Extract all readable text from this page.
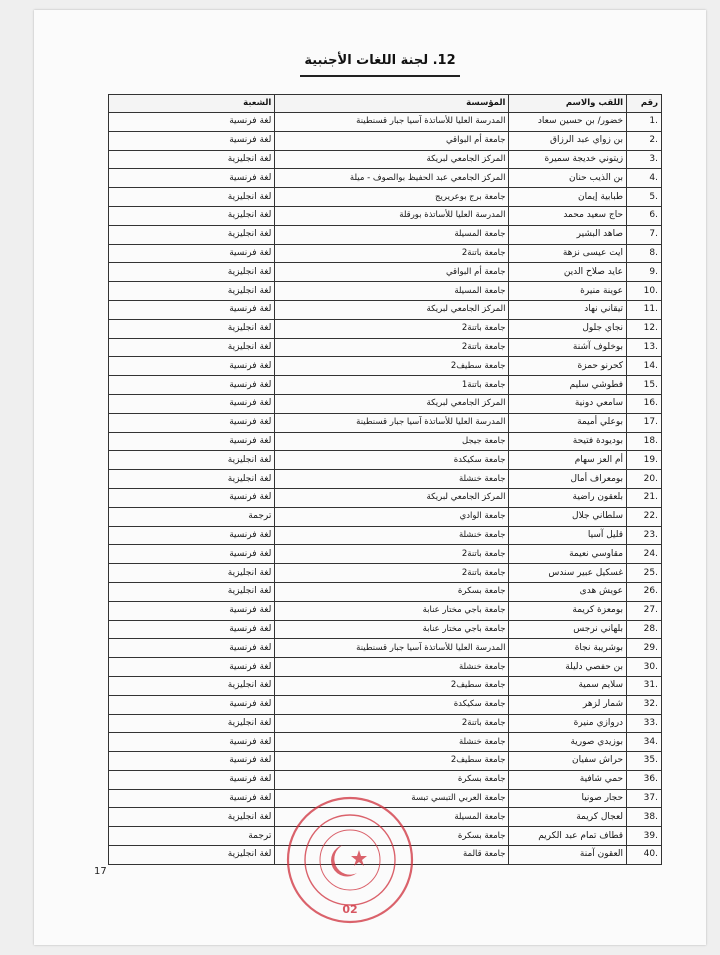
12. لجنة اللغات الأجنبية
رقم	اللقب والاسم	المؤسسة	الشعبة
.1	خضور/ بن حسين سعاد	المدرسة العليا للأساتذة آسيا جبار قسنطينة	لغة فرنسية
.2	بن زواي عبد الرزاق	جامعة أم البواقي	لغة فرنسية
.3	زيتوني خديجة سميرة	المركز الجامعي لبريكة	لغة انجليزية
.4	بن الذيب حنان	المركز الجامعي عبد الحفيظ بوالصوف - ميلة	لغة فرنسية
.5	طبابية إيمان	جامعة برج بوعريريج	لغة انجليزية
.6	حاج سعيد محمد	المدرسة العليا للأساتذة بورقلة	لغة انجليزية
.7	صاهد البشير	جامعة المسيلة	لغة انجليزية
.8	ايت عيسى نزهة	جامعة باتنة2	لغة فرنسية
.9	عايد صلاح الدين	جامعة أم البواقي	لغة انجليزية
.10	عوينة منيرة	جامعة المسيلة	لغة انجليزية
.11	تيقاني نهاد	المركز الجامعي لبريكة	لغة فرنسية
.12	نجاي جلول	جامعة باتنة2	لغة انجليزية
.13	بوخلوف آشنة	جامعة باتنة2	لغة انجليزية
.14	كحرنو حمزة	جامعة سطيف2	لغة فرنسية
.15	فطوشي سليم	جامعة باتنة1	لغة فرنسية
.16	سامعي دونية	المركز الجامعي لبريكة	لغة فرنسية
.17	بوعلي أميمة	المدرسة العليا للأساتذة آسيا جبار قسنطينة	لغة فرنسية
.18	بوديودة فتيحة	جامعة جيجل	لغة فرنسية
.19	أم العز سهام	جامعة سكيكدة	لغة انجليزية
.20	بومعراف أمال	جامعة خنشلة	لغة انجليزية
.21	بلعقون راضية	المركز الجامعي لبريكة	لغة فرنسية
.22	سلطاني جلال	جامعة الوادي	ترجمة
.23	قليل آسيا	جامعة خنشلة	لغة فرنسية
.24	مقاوسي نعيمة	جامعة باتنة2	لغة فرنسية
.25	غسكيل عبير سندس	جامعة باتنة2	لغة انجليزية
.26	عويش هدى	جامعة بسكرة	لغة انجليزية
.27	بومعزة كريمة	جامعة باجي مختار عنابة	لغة فرنسية
.28	بلهاني نرجس	جامعة باجي مختار عنابة	لغة فرنسية
.29	بوشريبة نجاة	المدرسة العليا للأساتذة آسيا جبار قسنطينة	لغة فرنسية
.30	بن حفصي دليلة	جامعة خنشلة	لغة فرنسية
.31	سلايم سمية	جامعة سطيف2	لغة انجليزية
.32	شمار لزهر	جامعة سكيكدة	لغة فرنسية
.33	دروازي منيرة	جامعة باتنة2	لغة انجليزية
.34	بوزيدي صورية	جامعة خنشلة	لغة فرنسية
.35	حراش سفيان	جامعة سطيف2	لغة فرنسية
.36	حمي شافية	جامعة بسكرة	لغة فرنسية
.37	حجار صونيا	جامعة العربي التبسي تبسة	لغة فرنسية
.38	لعجال كريمة	جامعة المسيلة	لغة انجليزية
.39	قطاف تمام عبد الكريم	جامعة بسكرة	ترجمة
.40	العقون آمنة	جامعة قالمة	لغة انجليزية
17
02
